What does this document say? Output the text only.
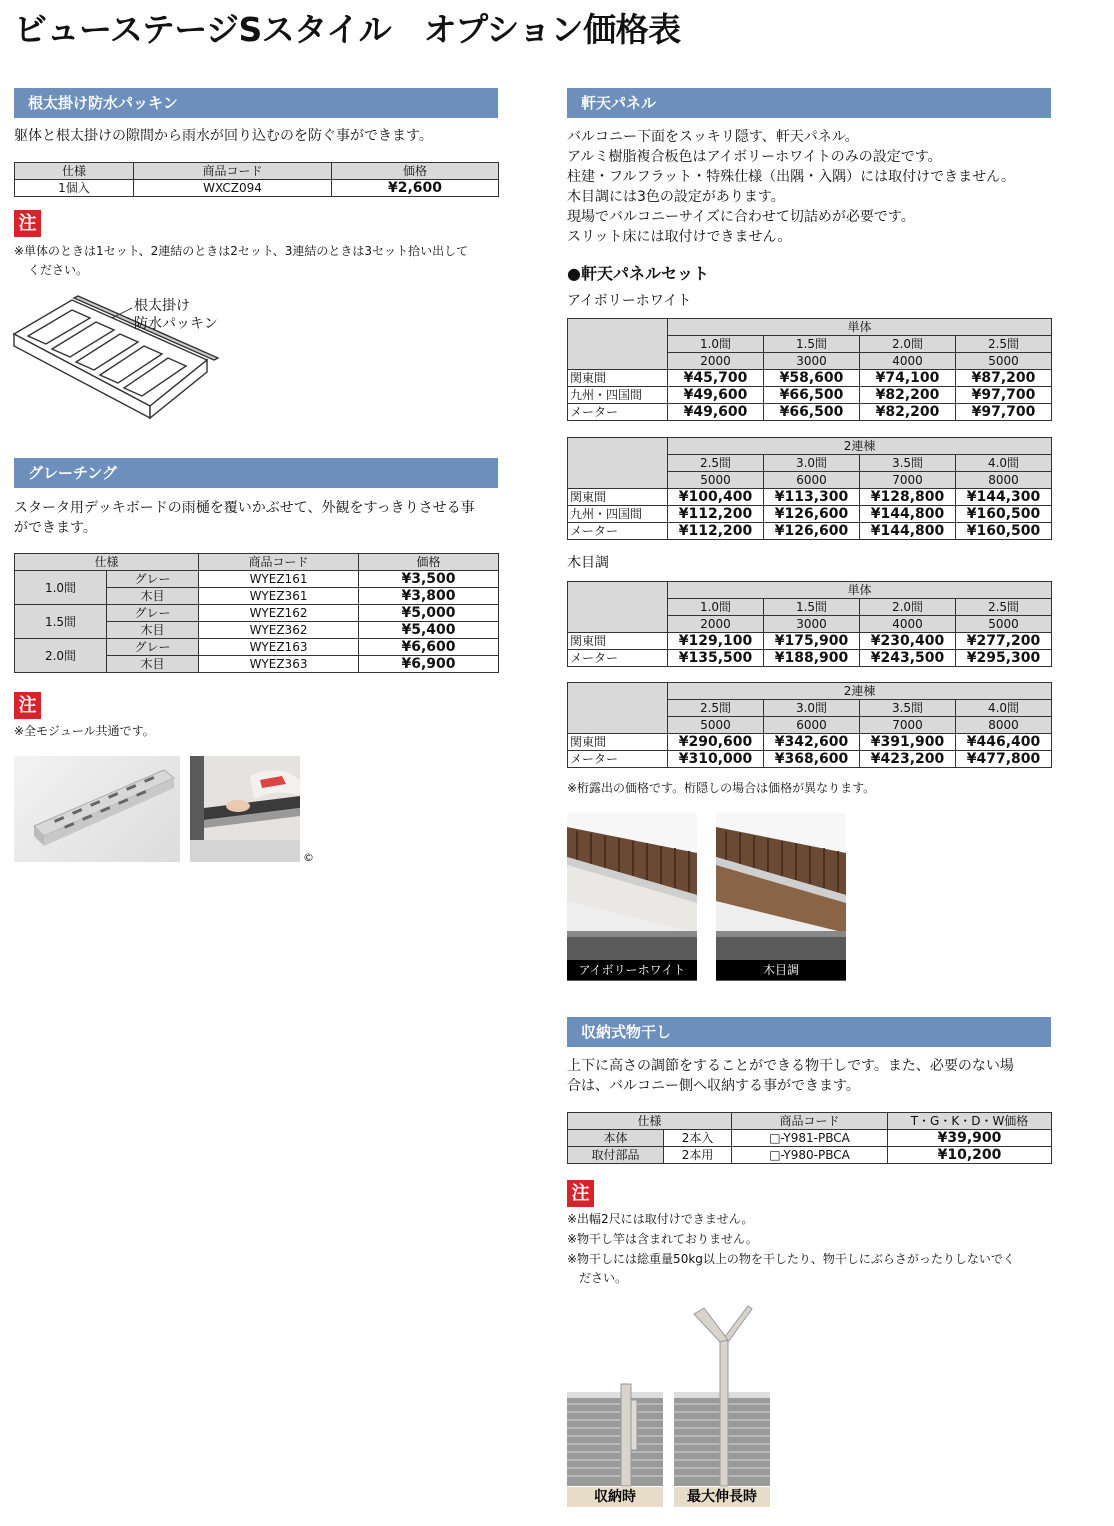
ビューステージSスタイル　オプション価格表
根太掛け防水パッキン
躯体と根太掛けの隙間から雨水が回り込むのを防ぐ事ができます。
仕様	商品コード	価格
1個入	WXCZ094	¥2,600
注
※単体のときは1セット、2連結のときは2セット、3連結のときは3セット拾い出して
ください。
根太掛け
防水パッキン
グレーチング
スタータ用デッキボードの雨樋を覆いかぶせて、外観をすっきりさせる事
ができます。
仕様		商品コード	価格
1.0間	グレー	WYEZ161	¥3,500
	木目	WYEZ361	¥3,800
1.5間	グレー	WYEZ162	¥5,000
	木目	WYEZ362	¥5,400
2.0間	グレー	WYEZ163	¥6,600
	木目	WYEZ363	¥6,900
注
※全モジュール共通です。
©
軒天パネル
バルコニー下面をスッキリ隠す、軒天パネル。
アルミ樹脂複合板色はアイボリーホワイトのみの設定です。
柱建・フルフラット・特殊仕様（出隅・入隅）には取付けできません。
木目調には3色の設定があります。
現場でバルコニーサイズに合わせて切詰めが必要です。
スリット床には取付けできません。
●軒天パネルセット
アイボリーホワイト
	単体			
	1.0間	1.5間	2.0間	2.5間
	2000	3000	4000	5000
関東間	¥45,700	¥58,600	¥74,100	¥87,200
九州・四国間	¥49,600	¥66,500	¥82,200	¥97,700
メーター	¥49,600	¥66,500	¥82,200	¥97,700
	2連棟			
	2.5間	3.0間	3.5間	4.0間
	5000	6000	7000	8000
関東間	¥100,400	¥113,300	¥128,800	¥144,300
九州・四国間	¥112,200	¥126,600	¥144,800	¥160,500
メーター	¥112,200	¥126,600	¥144,800	¥160,500
	単体			
	1.0間	1.5間	2.0間	2.5間
	2000	3000	4000	5000
関東間	¥129,100	¥175,900	¥230,400	¥277,200
メーター	¥135,500	¥188,900	¥243,500	¥295,300
	2連棟			
	2.5間	3.0間	3.5間	4.0間
	5000	6000	7000	8000
関東間	¥290,600	¥342,600	¥391,900	¥446,400
メーター	¥310,000	¥368,600	¥423,200	¥477,800
木目調
※桁露出の価格です。桁隠しの場合は価格が異なります。
アイボリーホワイト	木目調
収納式物干し
上下に高さの調節をすることができる物干しです。また、必要のない場
合は、バルコニー側へ収納する事ができます。
仕様		商品コード	T・G・K・D・W価格
本体	2本入	□-Y981-PBCA	¥39,900
取付部品	2本用	□-Y980-PBCA	¥10,200
注
※出幅2尺には取付けできません。
※物干し竿は含まれておりません。
※物干しには総重量50kg以上の物を干したり、物干しにぶらさがったりしないでく
　ださい。
収納時	最大伸長時
